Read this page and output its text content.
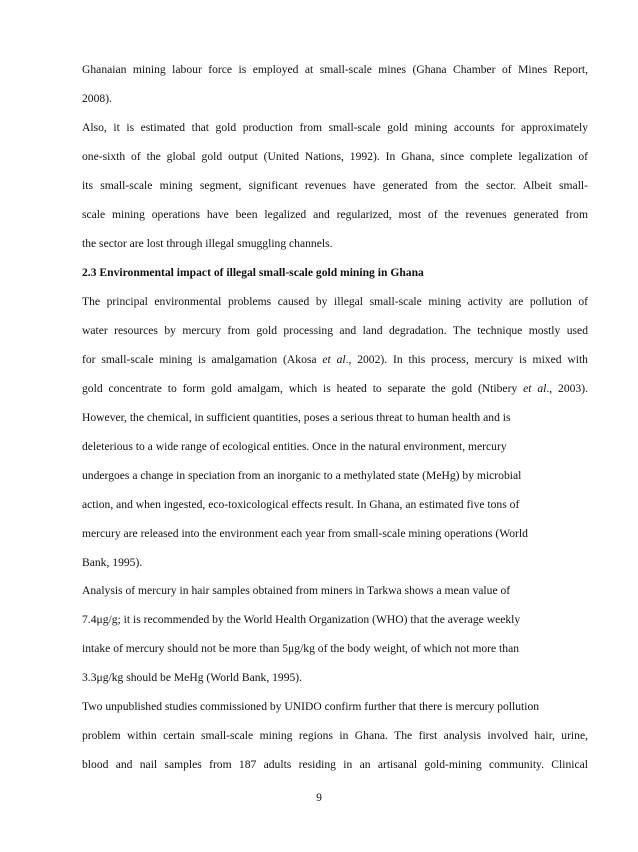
Ghanaian mining labour force is employed at small-scale mines (Ghana Chamber of Mines Report,
2008).
Also, it is estimated that gold production from small-scale gold mining accounts for approximately
one-sixth of the global gold output (United Nations, 1992). In Ghana, since complete legalization of
its small-scale mining segment, significant revenues have generated from the sector. Albeit small-
scale mining operations have been legalized and regularized, most of the revenues generated from
the sector are lost through illegal smuggling channels.
2.3 Environmental impact of illegal small-scale gold mining in Ghana
The principal environmental problems caused by illegal small-scale mining activity are pollution of
water resources by mercury from gold processing and land degradation. The technique mostly used
for small-scale mining is amalgamation (Akosa et al., 2002). In this process, mercury is mixed with
gold concentrate to form gold amalgam, which is heated to separate the gold (Ntibery et al., 2003).
However, the chemical, in sufficient quantities, poses a serious threat to human health and is
deleterious to a wide range of ecological entities. Once in the natural environment, mercury
undergoes a change in speciation from an inorganic to a methylated state (MeHg) by microbial
action, and when ingested, eco-toxicological effects result. In Ghana, an estimated five tons of
mercury are released into the environment each year from small-scale mining operations (World
Bank, 1995).
Analysis of mercury in hair samples obtained from miners in Tarkwa shows a mean value of
7.4μg/g; it is recommended by the World Health Organization (WHO) that the average weekly
intake of mercury should not be more than 5μg/kg of the body weight, of which not more than
3.3μg/kg should be MeHg (World Bank, 1995).
Two unpublished studies commissioned by UNIDO confirm further that there is mercury pollution
problem within certain small-scale mining regions in Ghana. The first analysis involved hair, urine,
blood and nail samples from 187 adults residing in an artisanal gold-mining community. Clinical
9
